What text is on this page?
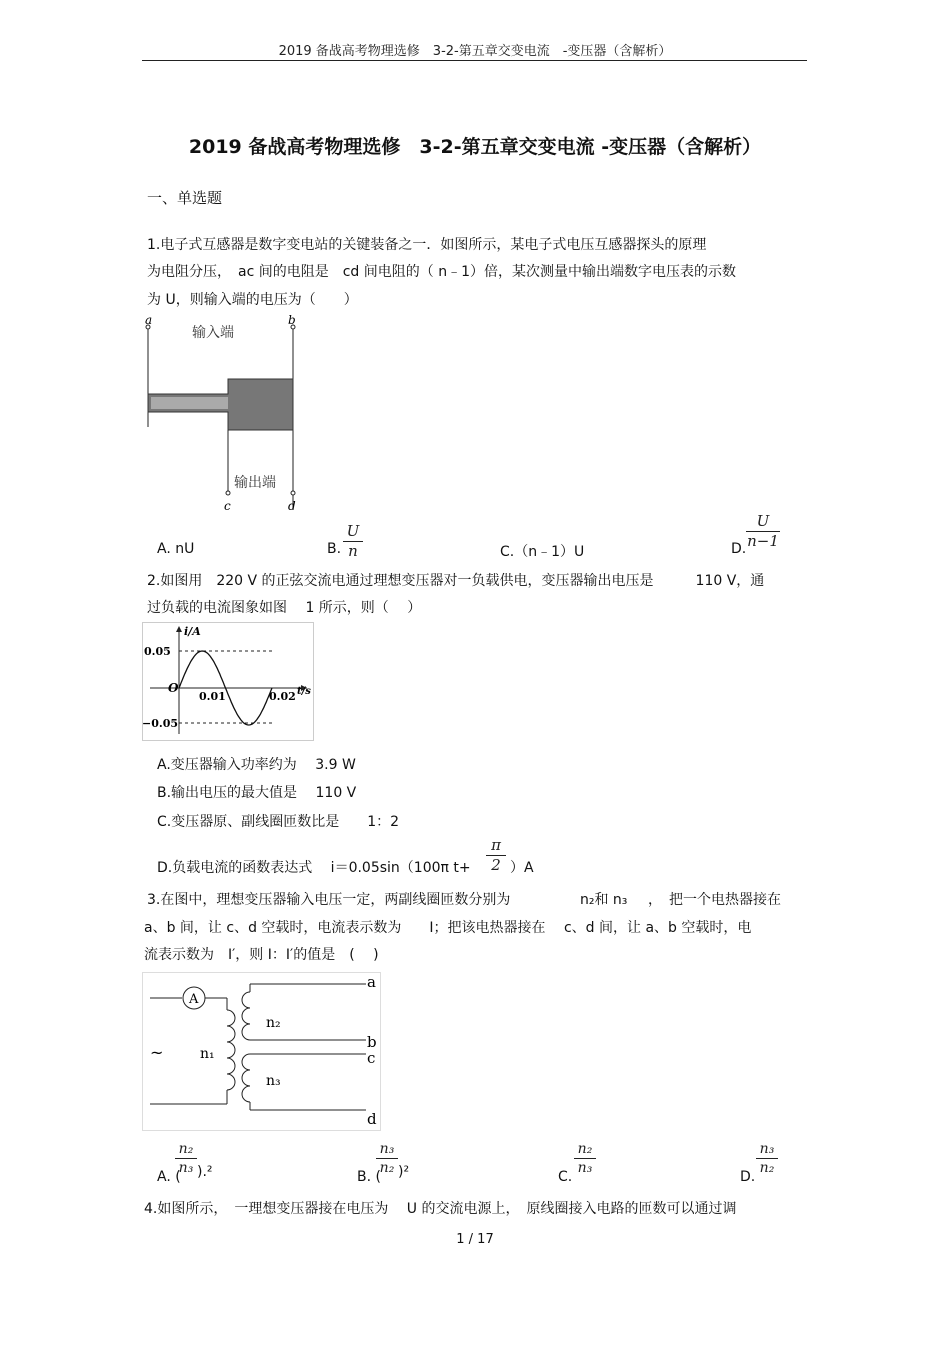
2019 备战高考物理选修　3-2-第五章交变电流　-变压器（含解析）
2019 备战高考物理选修　3-2-第五章交变电流 -变压器（含解析）
一、单选题
1.电子式互感器是数字变电站的关键装备之一．如图所示，某电子式电压互感器探头的原理
为电阻分压，　ac 间的电阻是　cd 间电阻的（ n﹣1）倍，某次测量中输出端数字电压表的示数
为 U，则输入端的电压为（　　）
a	b
c	d
输入端
输出端
A. nU	B.
U
n	C.（n﹣1）U	D.
U
n−1
2.如图用　220 V 的正弦交流电通过理想变压器对一负载供电，变压器输出电压是　　　110 V，通
过负载的电流图象如图　 1 所示，则（　 ）
i/A
0.05
−0.05
O
0.01	0.02 t/s
A.变压器输入功率约为　 3.9 W
B.输出电压的最大值是　 110 V
C.变压器原、副线圈匝数比是　　1：2
D.负载电流的函数表达式　 i＝0.05sin（100π t+
π
2 ）A
3.在图中，理想变压器输入电压一定，两副线圈匝数分别为	n₂和 n₃ ，　把一个电热器接在
a、b 间，让 c、d 空载时，电流表示数为　　I；把该电热器接在　 c、d 间，让 a、b 空载时，电
流表示数为　I′，则 I：I′的值是　(　 )
A
~	n₁
n₂
n₃
a
b
c
d
A. (
n₂
n₃ ).²	B. (
n₃
n₂ )²	C.
n₂
n₃
D.
n₃
n₂
4.如图所示，　一理想变压器接在电压为　 U 的交流电源上，　原线圈接入电路的匝数可以通过调
1 / 17
